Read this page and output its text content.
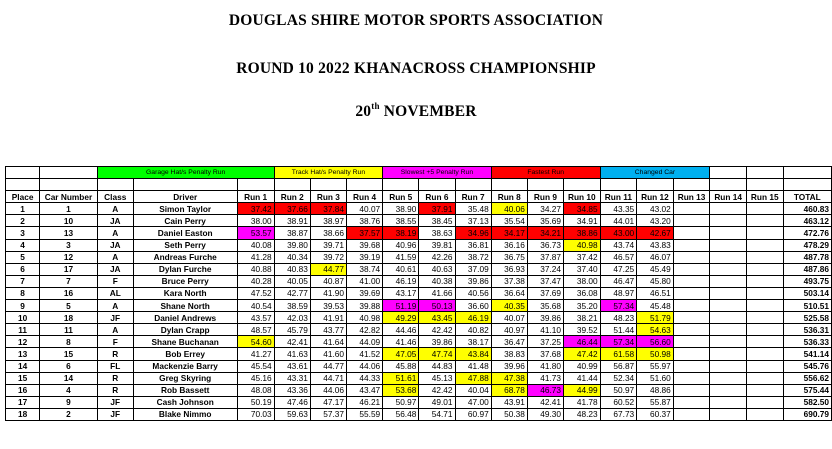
DOUGLAS SHIRE MOTOR SPORTS ASSOCIATION
ROUND 10 2022 KHANACROSS CHAMPIONSHIP
20th NOVEMBER
		Garage Hat/s Penalty Run			Track Hat/s Penalty Run			Slowest +5 Penalty Run			Fastest Run			Changed Car					

Place	Car Number	Class	Driver	Run 1	Run 2	Run 3	Run 4	Run 5	Run 6	Run 7	Run 8	Run 9	Run 10	Run 11	Run 12	Run 13	Run 14	Run 15	TOTAL
1	1	A	Simon Taylor	37.42	37.66	37.84	40.07	38.90	37.91	35.48	40.06	34.27	34.85	43.35	43.02				460.83
2	10	JA	Cain Perry	38.00	38.91	38.97	38.76	38.55	38.45	37.13	35.54	35.69	34.91	44.01	43.20				463.12
3	13	A	Daniel Easton	53.57	38.87	38.66	37.57	38.19	38.63	34.96	34.17	34.21	38.86	43.00	42.67				472.76
4	3	JA	Seth Perry	40.08	39.80	39.71	39.68	40.96	39.81	36.81	36.16	36.73	40.98	43.74	43.83				478.29
5	12	A	Andreas Furche	41.28	40.34	39.72	39.19	41.59	42.26	38.72	36.75	37.87	37.42	46.57	46.07				487.78
6	17	JA	Dylan Furche	40.88	40.83	44.77	38.74	40.61	40.63	37.09	36.93	37.24	37.40	47.25	45.49				487.86
7	7	F	Bruce Perry	40.28	40.05	40.87	41.00	46.19	40.38	39.86	37.38	37.47	38.00	46.47	45.80				493.75
8	16	AL	Kara North	47.52	42.77	41.90	39.69	43.17	41.66	40.56	36.64	37.69	36.08	48.97	46.51				503.14
9	5	A	Shane North	40.54	38.59	39.53	39.88	51.19	50.13	36.60	40.35	35.68	35.20	57.34	45.48				510.51
10	18	JF	Daniel Andrews	43.57	42.03	41.91	40.98	49.29	43.45	46.19	40.07	39.86	38.21	48.23	51.79				525.58
11	11	A	Dylan Crapp	48.57	45.79	43.77	42.82	44.46	42.42	40.82	40.97	41.10	39.52	51.44	54.63				536.31
12	8	F	Shane Buchanan	54.60	42.41	41.64	44.09	41.46	39.86	38.17	36.47	37.25	46.44	57.34	56.60				536.33
13	15	R	Bob Errey	41.27	41.63	41.60	41.52	47.05	47.74	43.84	38.83	37.68	47.42	61.58	50.98				541.14
14	6	FL	Mackenzie Barry	45.54	43.61	44.77	44.06	45.88	44.83	41.48	39.96	41.80	40.99	56.87	55.97				545.76
15	14	R	Greg Skyring	45.16	43.31	44.71	44.33	51.61	45.13	47.88	47.38	41.73	41.44	52.34	51.60				556.62
16	4	R	Rob Bassett	48.08	43.36	44.06	43.47	53.68	42.42	40.04	68.78	46.73	44.99	50.97	48.86				575.44
17	9	JF	Cash Johnson	50.19	47.46	47.17	46.21	50.97	49.01	47.00	43.91	42.41	41.78	60.52	55.87				582.50
18	2	JF	Blake Nimmo	70.03	59.63	57.37	55.59	56.48	54.71	60.97	50.38	49.30	48.23	67.73	60.37				690.79
